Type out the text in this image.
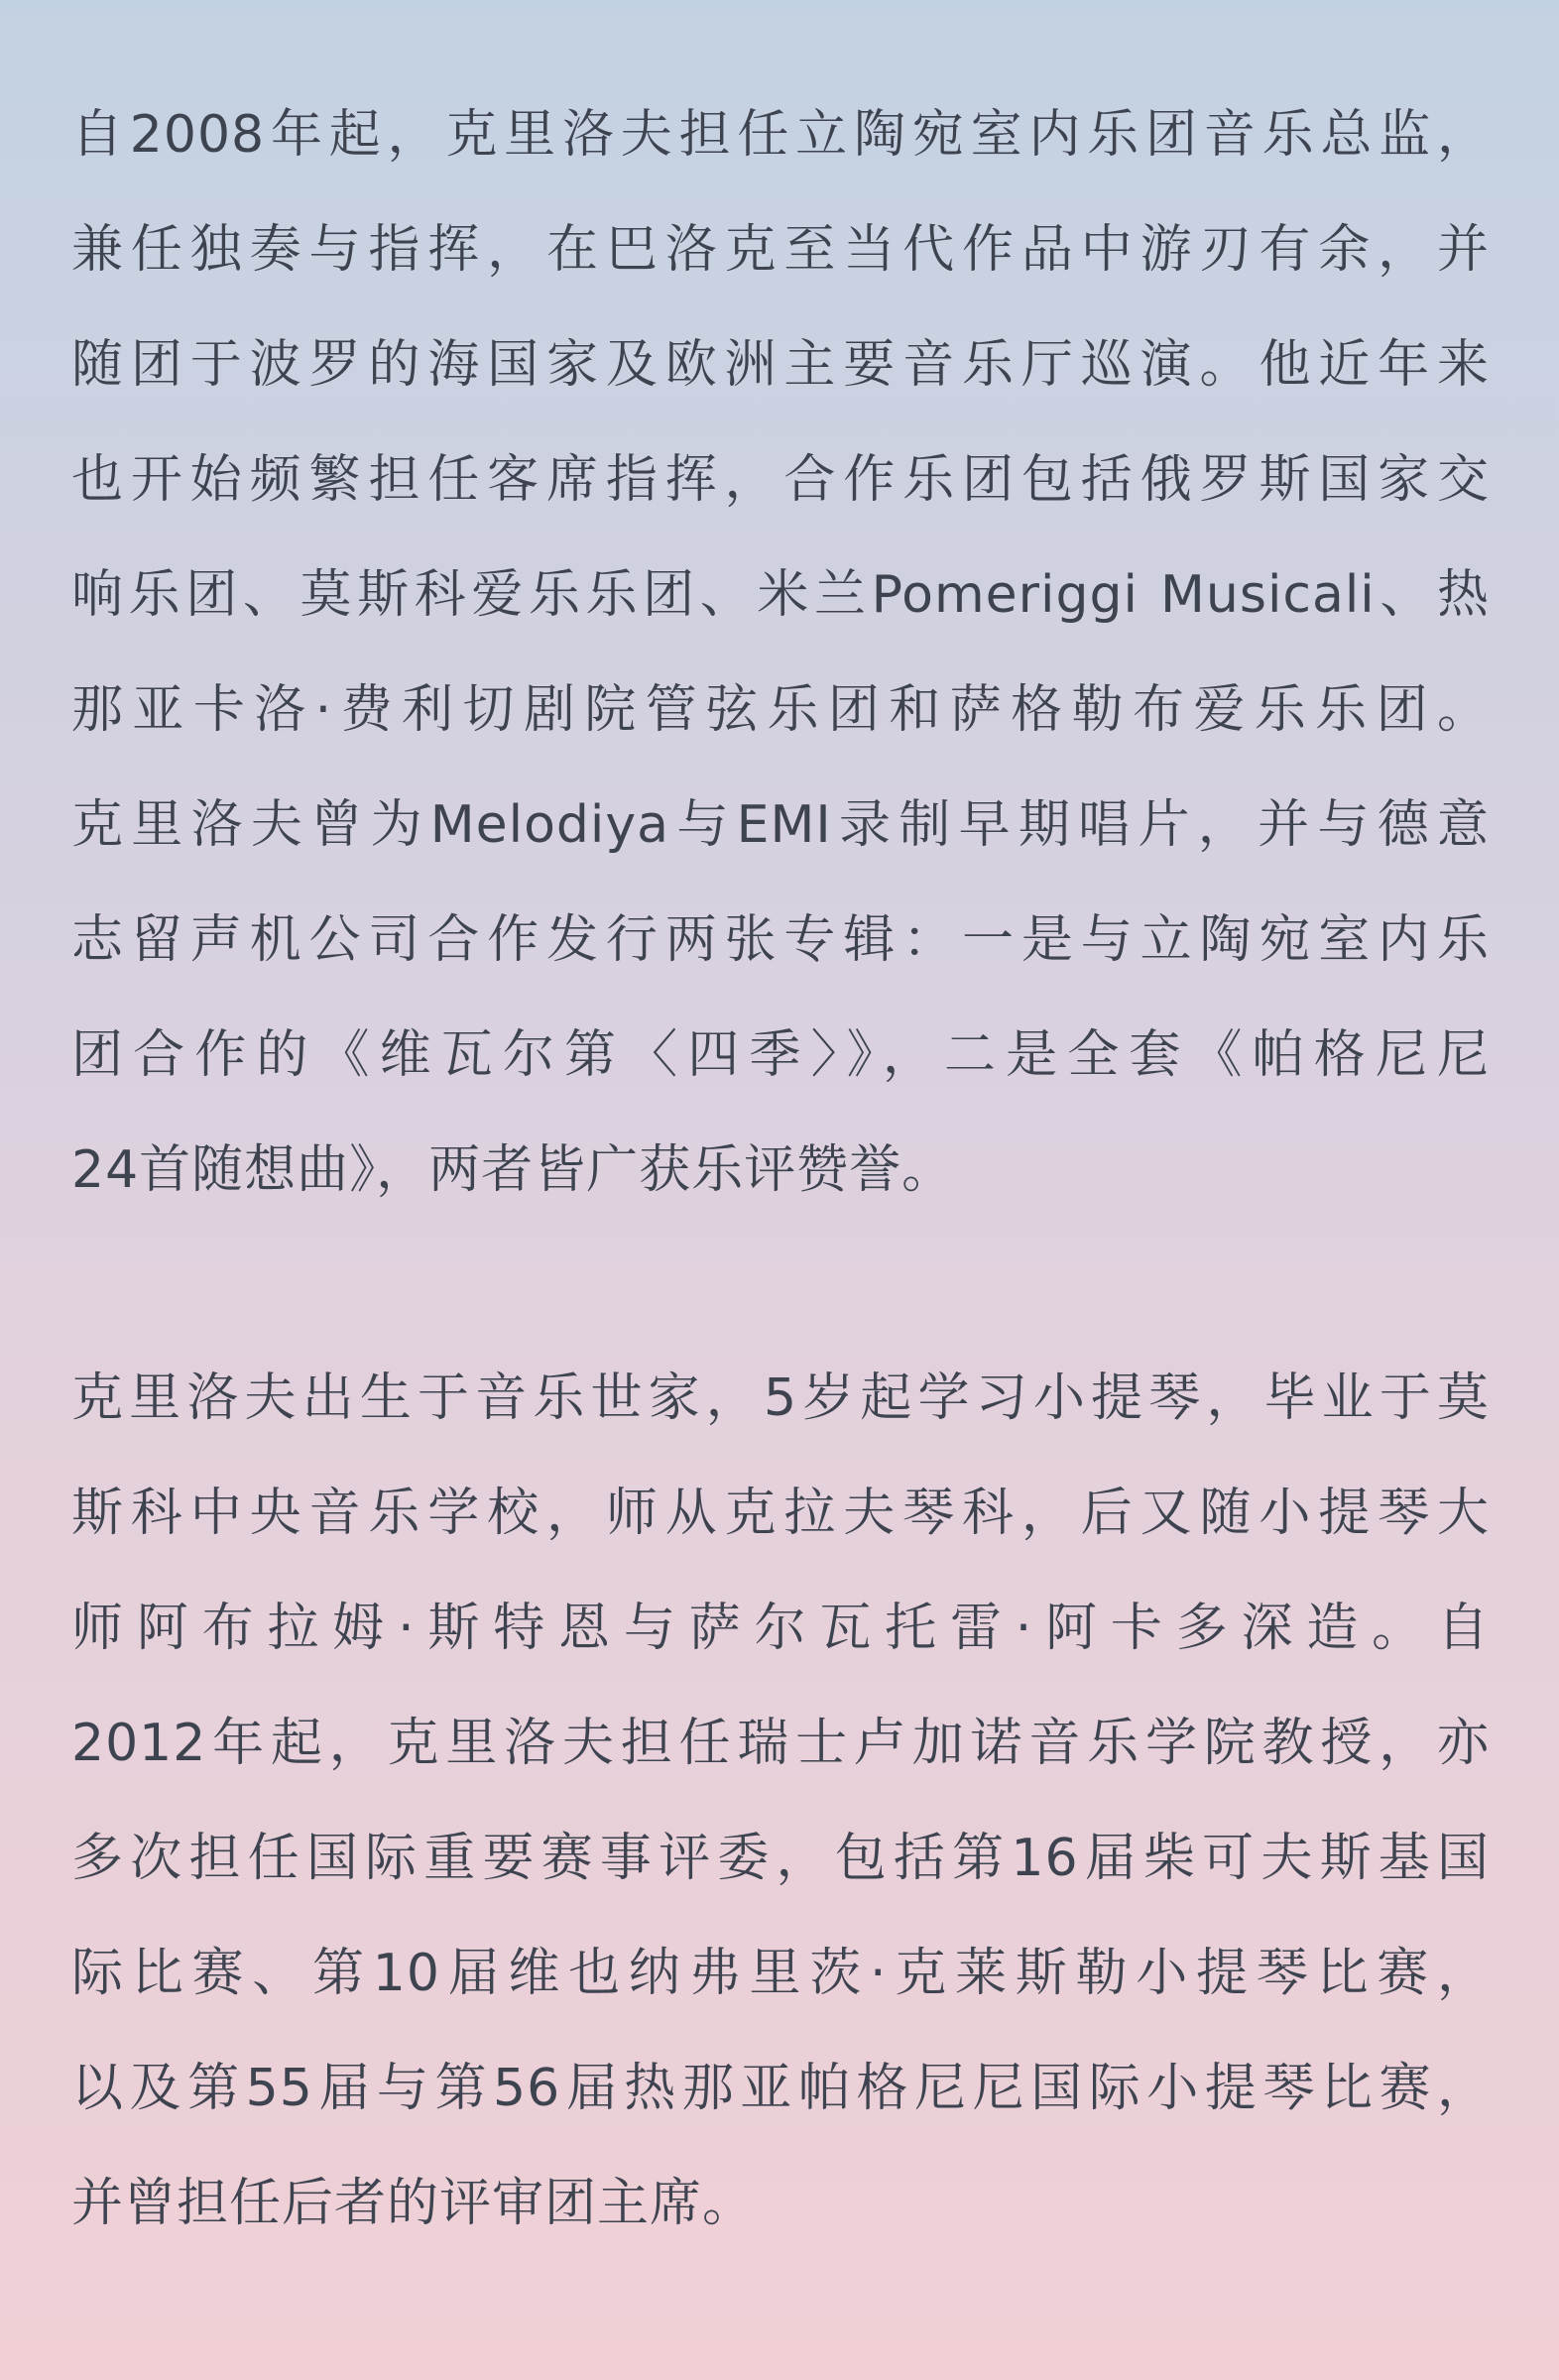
自2008年起，克里洛夫担任立陶宛室内乐团音乐总监，
兼任独奏与指挥，在巴洛克至当代作品中游刃有余，并
随团于波罗的海国家及欧洲主要音乐厅巡演。他近年来
也开始频繁担任客席指挥，合作乐团包括俄罗斯国家交
响乐团、莫斯科爱乐乐团、米兰Pomeriggi Musicali、热
那亚卡洛·费利切剧院管弦乐团和萨格勒布爱乐乐团。
克里洛夫曾为Melodiya与EMI录制早期唱片，并与德意
志留声机公司合作发行两张专辑：一是与立陶宛室内乐
团合作的《维瓦尔第〈四季〉》，二是全套《帕格尼尼
24首随想曲》，两者皆广获乐评赞誉。
克里洛夫出生于音乐世家，5岁起学习小提琴，毕业于莫
斯科中央音乐学校，师从克拉夫琴科，后又随小提琴大
师阿布拉姆·斯特恩与萨尔瓦托雷·阿卡多深造。自
2012年起，克里洛夫担任瑞士卢加诺音乐学院教授，亦
多次担任国际重要赛事评委，包括第16届柴可夫斯基国
际比赛、第10届维也纳弗里茨·克莱斯勒小提琴比赛，
以及第55届与第56届热那亚帕格尼尼国际小提琴比赛，
并曾担任后者的评审团主席。
